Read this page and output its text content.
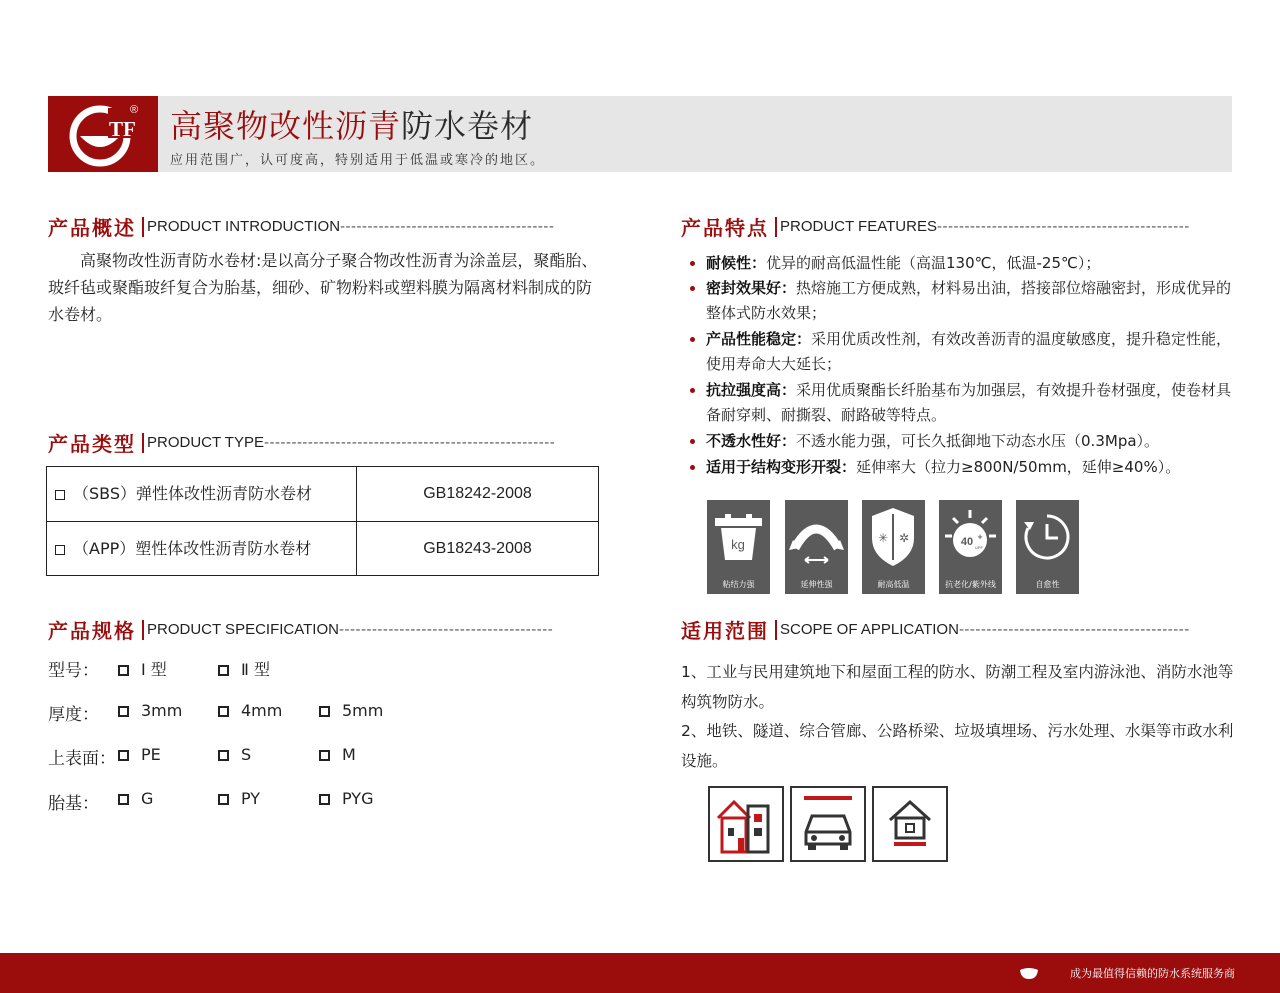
TF
® 高聚物改性沥青防水卷材
应用范围广，认可度高，特别适用于低温或寒冷的地区。
产品概述 PRODUCT INTRODUCTION---------------------------------------
高聚物改性沥青防水卷材:是以高分子聚合物改性沥青为涂盖层，聚酯胎、玻纤毡或聚酯玻纤复合为胎基，细砂、矿物粉料或塑料膜为隔离材料制成的防水卷材。
产品类型 PRODUCT TYPE-----------------------------------------------------
（SBS）弹性体改性沥青防水卷材	GB18242-2008
（APP）塑性体改性沥青防水卷材	GB18243-2008
产品规格 PRODUCT SPECIFICATION---------------------------------------
型号：	Ⅰ 型	Ⅱ 型
厚度：	3mm	4mm	5mm
上表面：	PE	S	M
胎基：	G	PY	PYG
产品特点 PRODUCT FEATURES----------------------------------------------
耐候性：优异的耐高低温性能（高温130℃，低温-25℃）；
密封效果好：热熔施工方便成熟，材料易出油，搭接部位熔融密封，形成优异的整体式防水效果；
产品性能稳定：采用优质改性剂，有效改善沥青的温度敏感度，提升稳定性能，使用寿命大大延长；
抗拉强度高：采用优质聚酯长纤胎基布为加强层，有效提升卷材强度，使卷材具备耐穿刺、耐撕裂、耐路破等特点。
不透水性好：不透水能力强，可长久抵御地下动态水压（0.3Mpa）。
适用于结构变形开裂：延伸率大（拉力≥800N/50mm，延伸≥40%）。
kg
粘结力强	延伸性强
✳ ✲
耐高低温
40 +
UPF
抗老化/紫外线	自愈性
适用范围 SCOPE OF APPLICATION------------------------------------------
1、工业与民用建筑地下和屋面工程的防水、防潮工程及室内游泳池、消防水池等构筑物防水。
2、地铁、隧道、综合管廊、公路桥梁、垃圾填埋场、污水处理、水渠等市政水利设施。
成为最值得信赖的防水系统服务商
